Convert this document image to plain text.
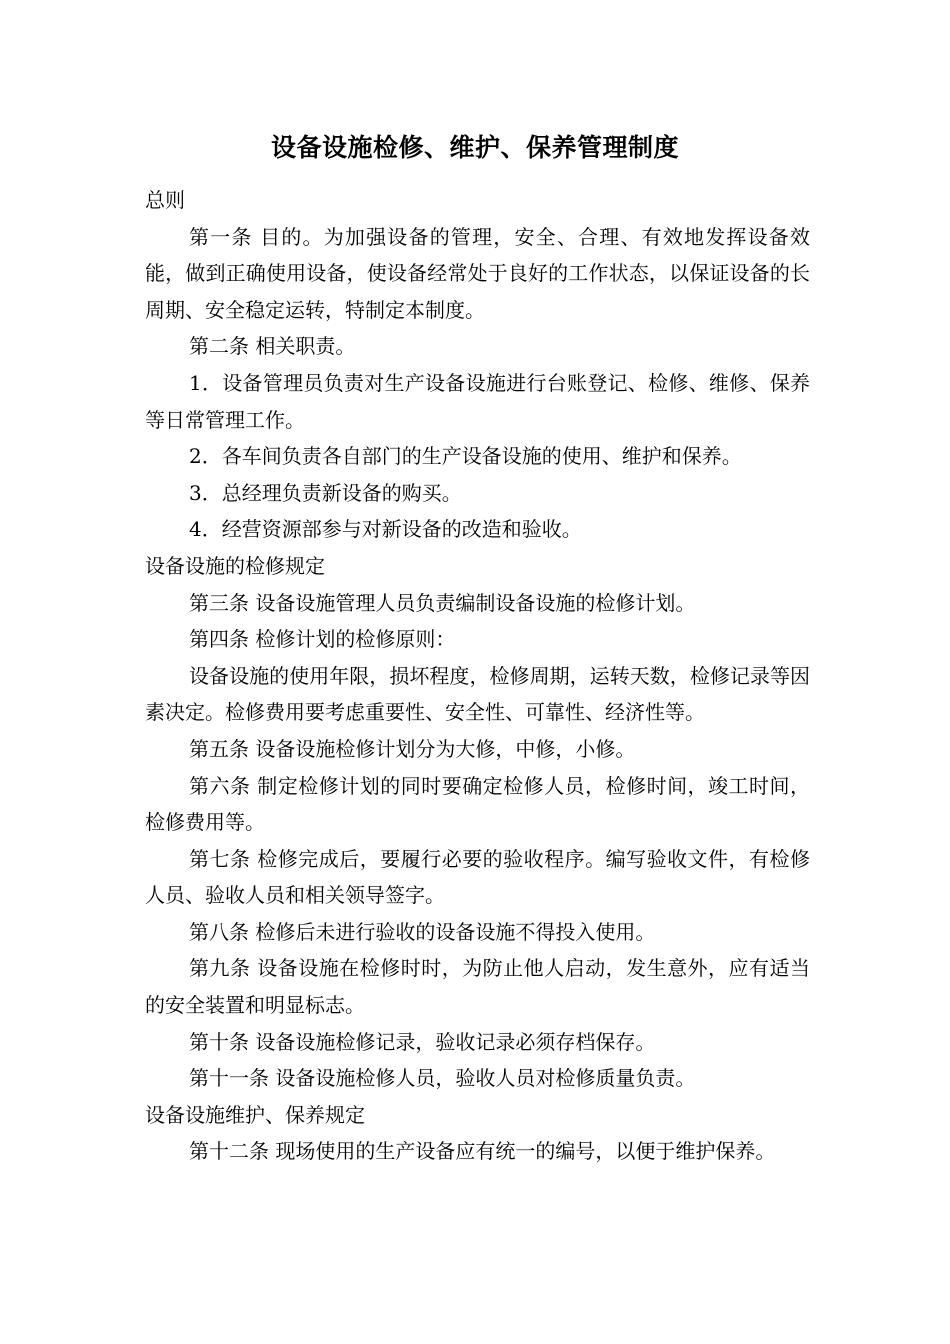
设备设施检修、维护、保养管理制度

总则

第一条 目的。为加强设备的管理，安全、合理、有效地发挥设备效能，做到正确使用设备，使设备经常处于良好的工作状态，以保证设备的长周期、安全稳定运转，特制定本制度。

第二条 相关职责。

1．设备管理员负责对生产设备设施进行台账登记、检修、维修、保养等日常管理工作。

2．各车间负责各自部门的生产设备设施的使用、维护和保养。

3．总经理负责新设备的购买。

4．经营资源部参与对新设备的改造和验收。

设备设施的检修规定

第三条 设备设施管理人员负责编制设备设施的检修计划。

第四条 检修计划的检修原则：

设备设施的使用年限，损坏程度，检修周期，运转天数，检修记录等因素决定。检修费用要考虑重要性、安全性、可靠性、经济性等。

第五条 设备设施检修计划分为大修，中修，小修。

第六条 制定检修计划的同时要确定检修人员，检修时间，竣工时间，检修费用等。

第七条 检修完成后，要履行必要的验收程序。编写验收文件，有检修人员、验收人员和相关领导签字。

第八条 检修后未进行验收的设备设施不得投入使用。

第九条 设备设施在检修时时，为防止他人启动，发生意外，应有适当的安全装置和明显标志。

第十条 设备设施检修记录，验收记录必须存档保存。

第十一条 设备设施检修人员，验收人员对检修质量负责。

设备设施维护、保养规定

第十二条 现场使用的生产设备应有统一的编号，以便于维护保养。
